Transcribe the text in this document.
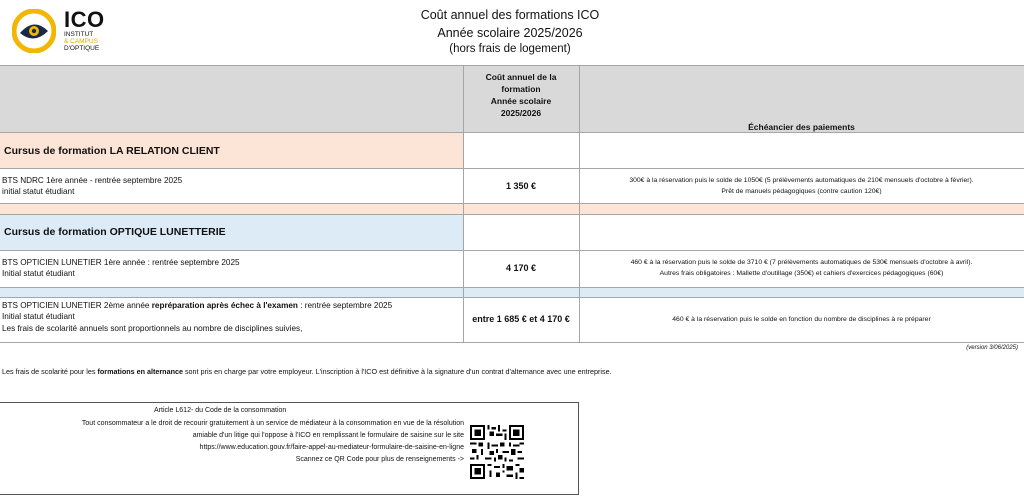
ICO
INSTITUT
& CAMPUS
D'OPTIQUE
Coût annuel des formations ICO
Année scolaire 2025/2026
(hors frais de logement)
Coût annuel de la
formation
Année scolaire
2025/2026
Échéancier des paiements
Cursus de formation LA RELATION CLIENT
BTS NDRC 1ère année - rentrée septembre 2025
initial statut étudiant
1 350 €
300€ à la réservation puis le solde de 1050€ (5 prélèvements automatiques de 210€ mensuels d'octobre à février).
Prêt de manuels pédagogiques (contre caution 120€)
Cursus de formation OPTIQUE LUNETTERIE
BTS OPTICIEN LUNETIER 1ère année : rentrée septembre 2025
Initial statut étudiant
4 170 €
460 € à la réservation puis le solde de 3710 € (7 prélèvements automatiques de 530€ mensuels d'octobre à avril).
Autres frais obligatoires : Mallette d'outillage (350€) et cahiers d'exercices pédagogiques (60€)
BTS OPTICIEN LUNETIER 2ème année repréparation après échec à l'examen : rentrée septembre 2025
Initial statut étudiant
Les frais de scolarité annuels sont proportionnels au nombre de disciplines suivies,
entre 1 685 € et 4 170 €	460 € à la réservation puis le solde en fonction du nombre de disciplines à re préparer
(version 3/06/2025)
Les frais de scolarité pour les formations en alternance sont pris en charge par votre employeur. L'inscription à l'ICO est définitive à la signature d'un contrat d'alternance avec une entreprise.
Article L612- du Code de la consommation
Tout consommateur a le droit de recourir gratuitement à un service de médiateur à la consommation en vue de la résolution
amiable d'un litige qui l'oppose à l'ICO en remplissant le formulaire de saisine sur le site
https://www.education.gouv.fr/faire-appel-au-mediateur-formulaire-de-saisine-en-ligne
Scannez ce QR Code pour plus de renseignements ->
